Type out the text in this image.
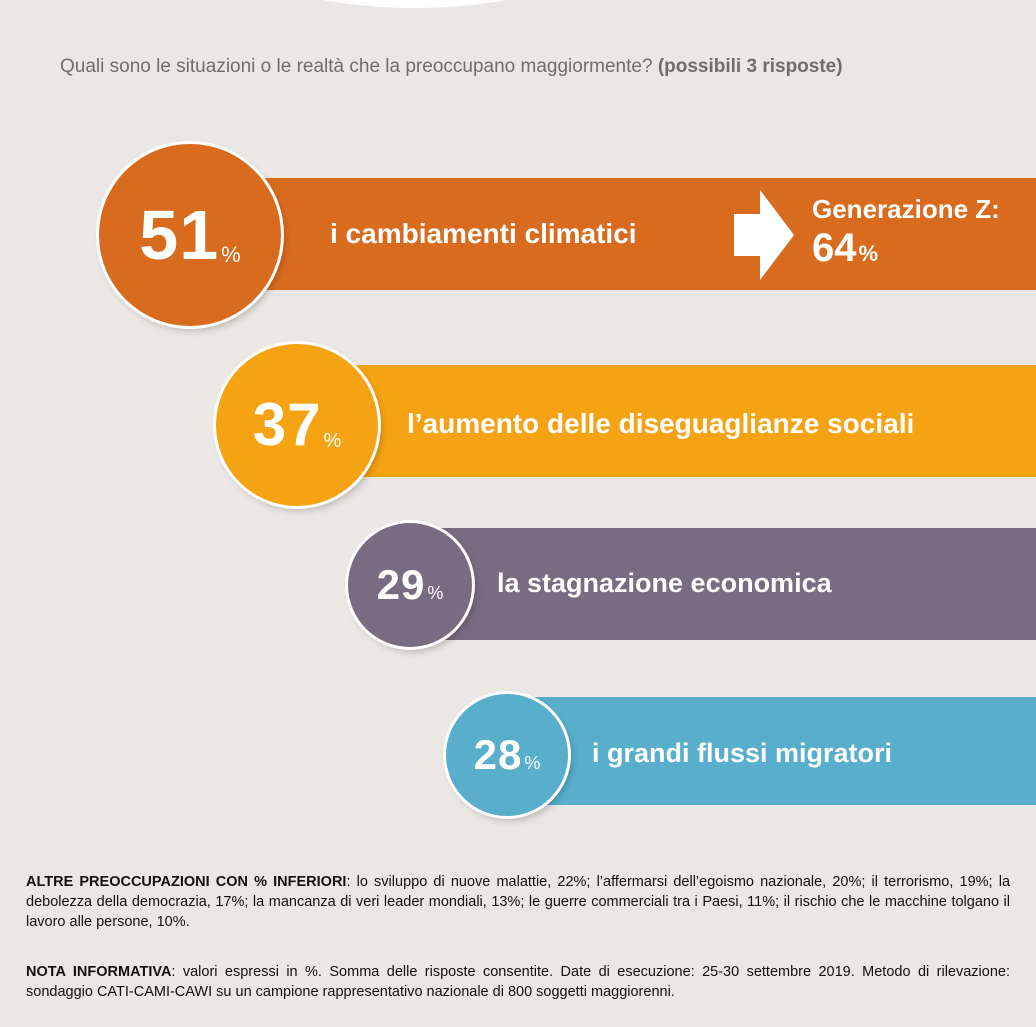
Quali sono le situazioni o le realtà che la preoccupano maggiormente? (possibili 3 risposte)
51 %
i cambiamenti climatici
37 %
l’aumento delle diseguaglianze sociali
29 % la stagnazione economica
28 % i grandi flussi migratori
Generazione Z:
64%
ALTRE PREOCCUPAZIONI CON % INFERIORI: lo sviluppo di nuove malattie, 22%; l’affermarsi dell’egoismo nazionale, 20%; il terrorismo, 19%; la debolezza della democrazia, 17%; la mancanza di veri leader mondiali, 13%; le guerre commerciali tra i Paesi, 11%; il rischio che le macchine tolgano il lavoro alle persone, 10%.
NOTA INFORMATIVA: valori espressi in %. Somma delle risposte consentite. Date di esecuzione: 25-30 settembre 2019. Metodo di rilevazione: sondaggio CATI-CAMI-CAWI su un campione rappresentativo nazionale di 800 soggetti maggiorenni.
